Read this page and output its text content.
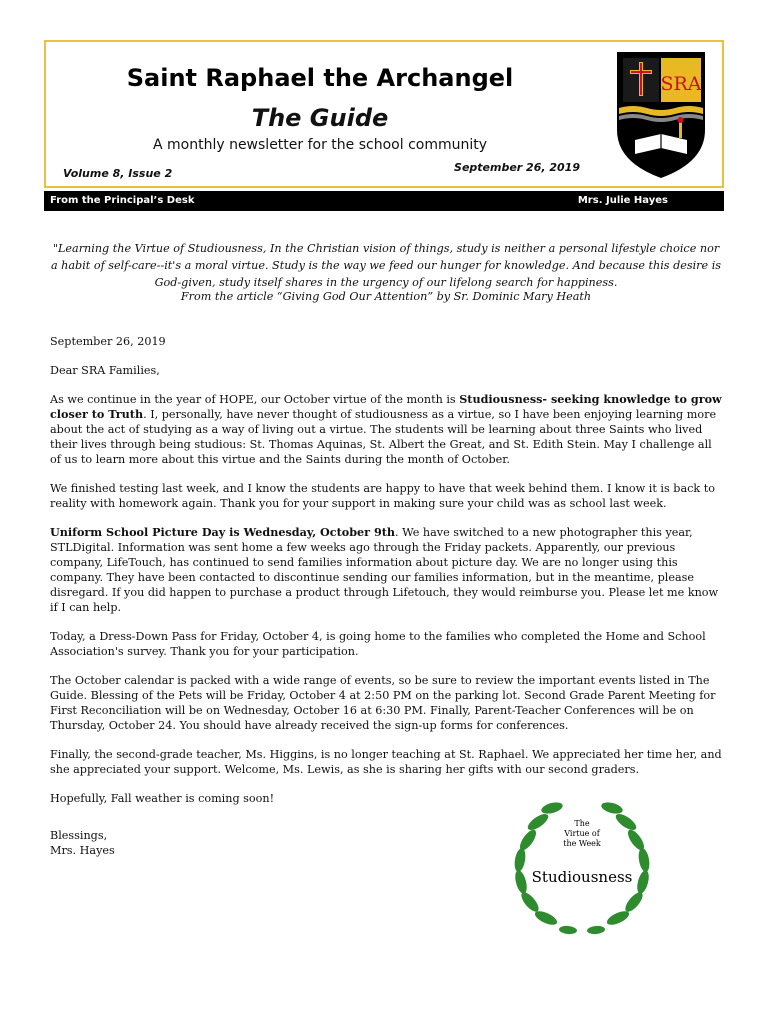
Saint Raphael the Archangel
The Guide
A monthly newsletter for the school community
Volume 8, Issue 2	September 26, 2019
SRA
From the Principal’s Desk	Mrs. Julie Hayes
"Learning the Virtue of Studiousness, In the Christian vision of things, study is neither a personal lifestyle choice nor a habit of self-care--it's a moral virtue. Study is the way we feed our hunger for knowledge. And because this desire is God-given, study itself shares in the urgency of our lifelong search for happiness.
From the article “Giving God Our Attention” by Sr. Dominic Mary Heath

September 26, 2019

Dear SRA Families,

As we continue in the year of HOPE, our October virtue of the month is Studiousness- seeking knowledge to grow closer to Truth. I, personally, have never thought of studiousness as a virtue, so I have been enjoying learning more about the act of studying as a way of living out a virtue. The students will be learning about three Saints who lived their lives through being studious: St. Thomas Aquinas, St. Albert the Great, and St. Edith Stein. May I challenge all of us to learn more about this virtue and the Saints during the month of October.

We finished testing last week, and I know the students are happy to have that week behind them. I know it is back to reality with homework again. Thank you for your support in making sure your child was as school last week.

Uniform School Picture Day is Wednesday, October 9th. We have switched to a new photographer this year, STLDigital. Information was sent home a few weeks ago through the Friday packets. Apparently, our previous company, LifeTouch, has continued to send families information about picture day. We are no longer using this company. They have been contacted to discontinue sending our families information, but in the meantime, please disregard. If you did happen to purchase a product through Lifetouch, they would reimburse you. Please let me know if I can help.

Today, a Dress-Down Pass for Friday, October 4, is going home to the families who completed the Home and School Association's survey. Thank you for your participation.

The October calendar is packed with a wide range of events, so be sure to review the important events listed in The Guide. Blessing of the Pets will be Friday, October 4 at 2:50 PM on the parking lot. Second Grade Parent Meeting for First Reconciliation will be on Wednesday, October 16 at 6:30 PM. Finally, Parent-Teacher Conferences will be on Thursday, October 24. You should have already received the sign-up forms for conferences.

Finally, the second-grade teacher, Ms. Higgins, is no longer teaching at St. Raphael. We appreciated her time her, and she appreciated your support. Welcome, Ms. Lewis, as she is sharing her gifts with our second graders.

Hopefully, Fall weather is coming soon!

Blessings,
Mrs. Hayes

The
Virtue of
the Week
Studiousness
